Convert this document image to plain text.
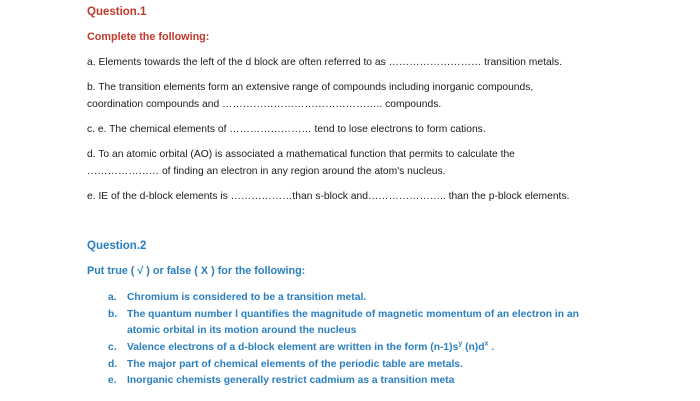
Question.1
Complete the following:
a. Elements towards the left of the d block are often referred to as ……………………… transition metals.
b. The transition elements form an extensive range of compounds including inorganic compounds,
coordination compounds and ……………………………………….. compounds.
c. e. The chemical elements of …………………… tend to lose electrons to form cations.
d. To an atomic orbital (AO) is associated a mathematical function that permits to calculate the
………………… of finding an electron in any region around the atom's nucleus.
e. IE of the d-block elements is ………………than s-block and………………….. than the p-block elements.
Question.2
Put true ( √ ) or false ( X ) for the following:
a. Chromium is considered to be a transition metal.
b. The quantum number l quantifies the magnitude of magnetic momentum of an electron in an
atomic orbital in its motion around the nucleus
c. Valence electrons of a d-block element are written in the form $(n-1)s^y$ $(n)d^x$ .
d. The major part of chemical elements of the periodic table are metals.
e. Inorganic chemists generally restrict cadmium as a transition meta
